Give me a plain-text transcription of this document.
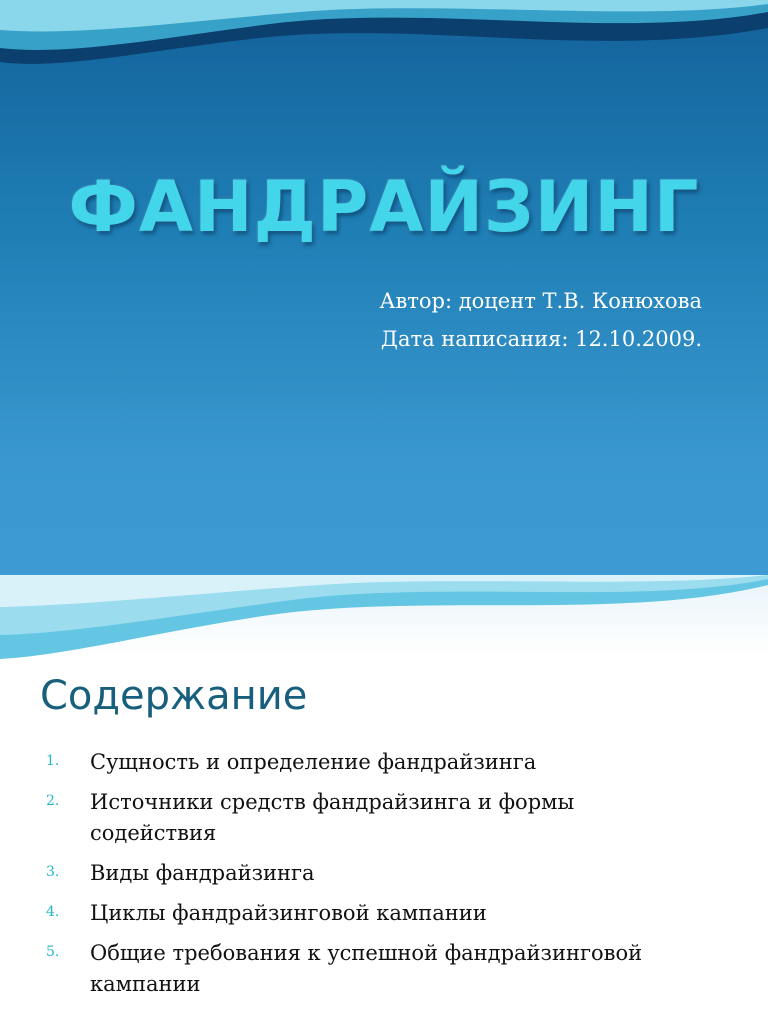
ФАНДРАЙЗИНГ
Автор: доцент Т.В. Конюхова
Дата написания: 12.10.2009.
Содержание
1.	Сущность и определение фандрайзинга
2.	Источники средств фандрайзинга и формы содействия
3.	Виды фандрайзинга
4.	Циклы фандрайзинговой кампании
5.	Общие требования к успешной фандрайзинговой кампании
